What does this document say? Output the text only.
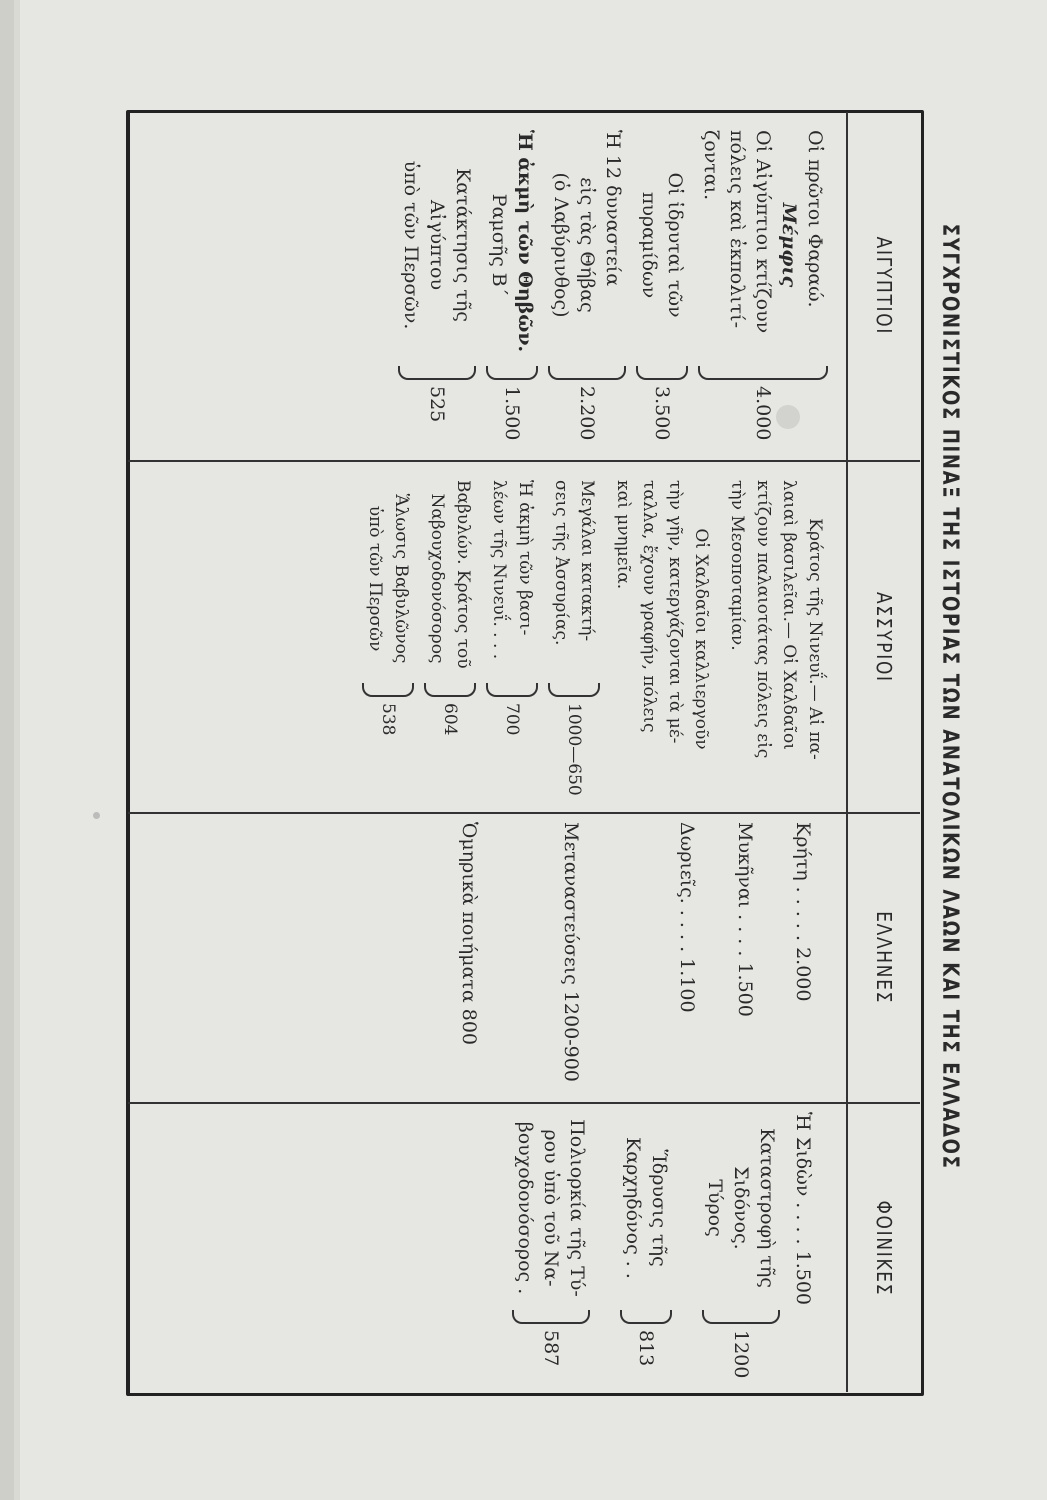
ΣΥΓΧΡΟΝΙΣΤΙΚΟΣ ΠΙΝΑΞ ΤΗΣ ΙΣΤΟΡΙΑΣ ΤΩΝ ΑΝΑΤΟΛΙΚΩΝ ΛΑΩΝ ΚΑΙ ΤΗΣ ΕΛΛΑΔΟΣ
ΑΙΓΥΠΤΙΟΙ
Οἱ πρῶτοι Φαραώ.
Μέμφις
Οἱ Αἰγύπτιοι κτίζουν
πόλεις καὶ ἐκπολιτί-
ζονται.
4.000
Οἱ ἱδρυταὶ τῶν
πυραμίδων
3.500
Ἡ 12 δυναστεία
εἰς τὰς Θήβας
(ὁ Λαβύρινθος)
2.200
Ἡ ἀκμὴ τῶν Θηβῶν.
Ραμσῆς Β΄
1.500
Κατάκτησις τῆς
Αἰγύπτου
ὑπὸ τῶν Περσῶν.
525
ΑΣΣΥΡΙΟΙ
Κράτος τῆς Νινευΐ.— Αἱ πα-
λαιαὶ βασιλεῖαι.— Οἱ Χαλδαῖοι
κτίζουν παλαιοτάτας πόλεις εἰς
τὴν Μεσοποταμίαν.
Οἱ Χαλδαῖοι καλλιεργοῦν
τὴν γῆν, κατεργάζονται τὰ μέ-
ταλλα, ἔχουν γραφήν, πόλεις
καὶ μνημεῖα.
Μεγάλαι κατακτή-
σεις τῆς Ἀσσυρίας.
1000—650
Ἡ ἀκμὴ τῶν βασι-
λέων τῆς Νινευΐ. . . .
700
Βαβυλών. Κράτος τοῦ
Ναβουχοδονόσορος
604
Ἅλωσις Βαβυλῶνος
ὑπὸ τῶν Περσῶν
538
ΕΛΛΗΝΕΣ
Κρήτη . . . . . 2.000
Μυκῆναι . . . . 1.500
Δωριεῖς. . . . . 1.100
Μεταναστεύσεις 1200-900
Ὁμηρικὰ ποιήματα 800
ΦΟΙΝΙΚΕΣ
Ἡ Σιδὼν . . . . 1.500
Καταστροφὴ τῆς
Σιδόνος.
Τύρος
1200
Ἵδρυσις τῆς
Καρχηδόνος . .
813
Πολιορκία τῆς Τύ-
ρου ὑπὸ τοῦ Να-
βουχοδονόσορος .
587
